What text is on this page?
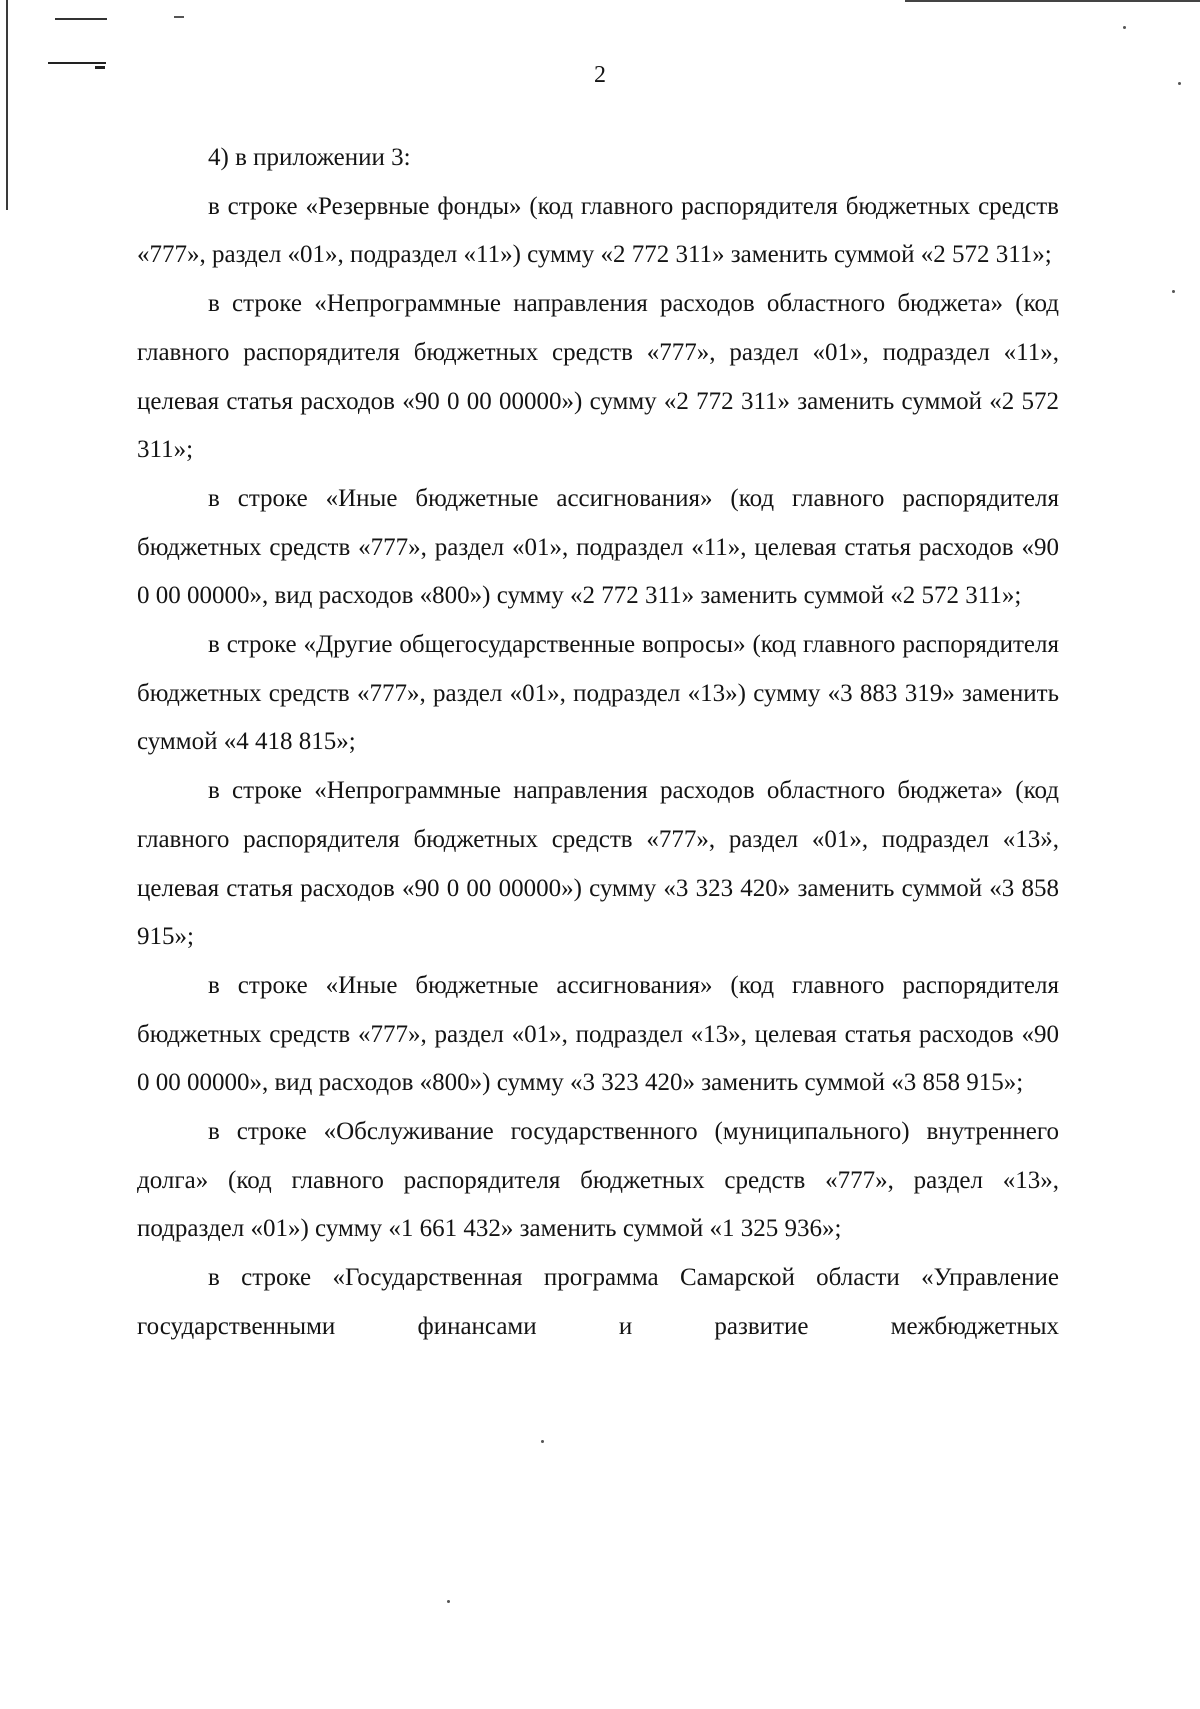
2

4) в приложении 3:

в строке «Резервные фонды» (код главного распорядителя бюджетных средств «777», раздел «01», подраздел «11») сумму «2 772 311» заменить суммой «2 572 311»;

в строке «Непрограммные направления расходов областного бюджета» (код главного распорядителя бюджетных средств «777», раздел «01», подраздел «11», целевая статья расходов «90 0 00 00000») сумму «2 772 311» заменить суммой «2 572 311»;

в строке «Иные бюджетные ассигнования» (код главного распорядителя бюджетных средств «777», раздел «01», подраздел «11», целевая статья расходов «90 0 00 00000», вид расходов «800») сумму «2 772 311» заменить суммой «2 572 311»;

в строке «Другие общегосударственные вопросы» (код главного распорядителя бюджетных средств «777», раздел «01», подраздел «13») сумму «3 883 319» заменить суммой «4 418 815»;

в строке «Непрограммные направления расходов областного бюджета» (код главного распорядителя бюджетных средств «777», раздел «01», подраздел «13», целевая статья расходов «90 0 00 00000») сумму «3 323 420» заменить суммой «3 858 915»;

в строке «Иные бюджетные ассигнования» (код главного распорядителя бюджетных средств «777», раздел «01», подраздел «13», целевая статья расходов «90 0 00 00000», вид расходов «800») сумму «3 323 420» заменить суммой «3 858 915»;

в строке «Обслуживание государственного (муниципального) внутреннего долга» (код главного распорядителя бюджетных средств «777», раздел «13», подраздел «01») сумму «1 661 432» заменить суммой «1 325 936»;

в строке «Государственная программа Самарской области «Управление государственными финансами и развитие межбюджетных
